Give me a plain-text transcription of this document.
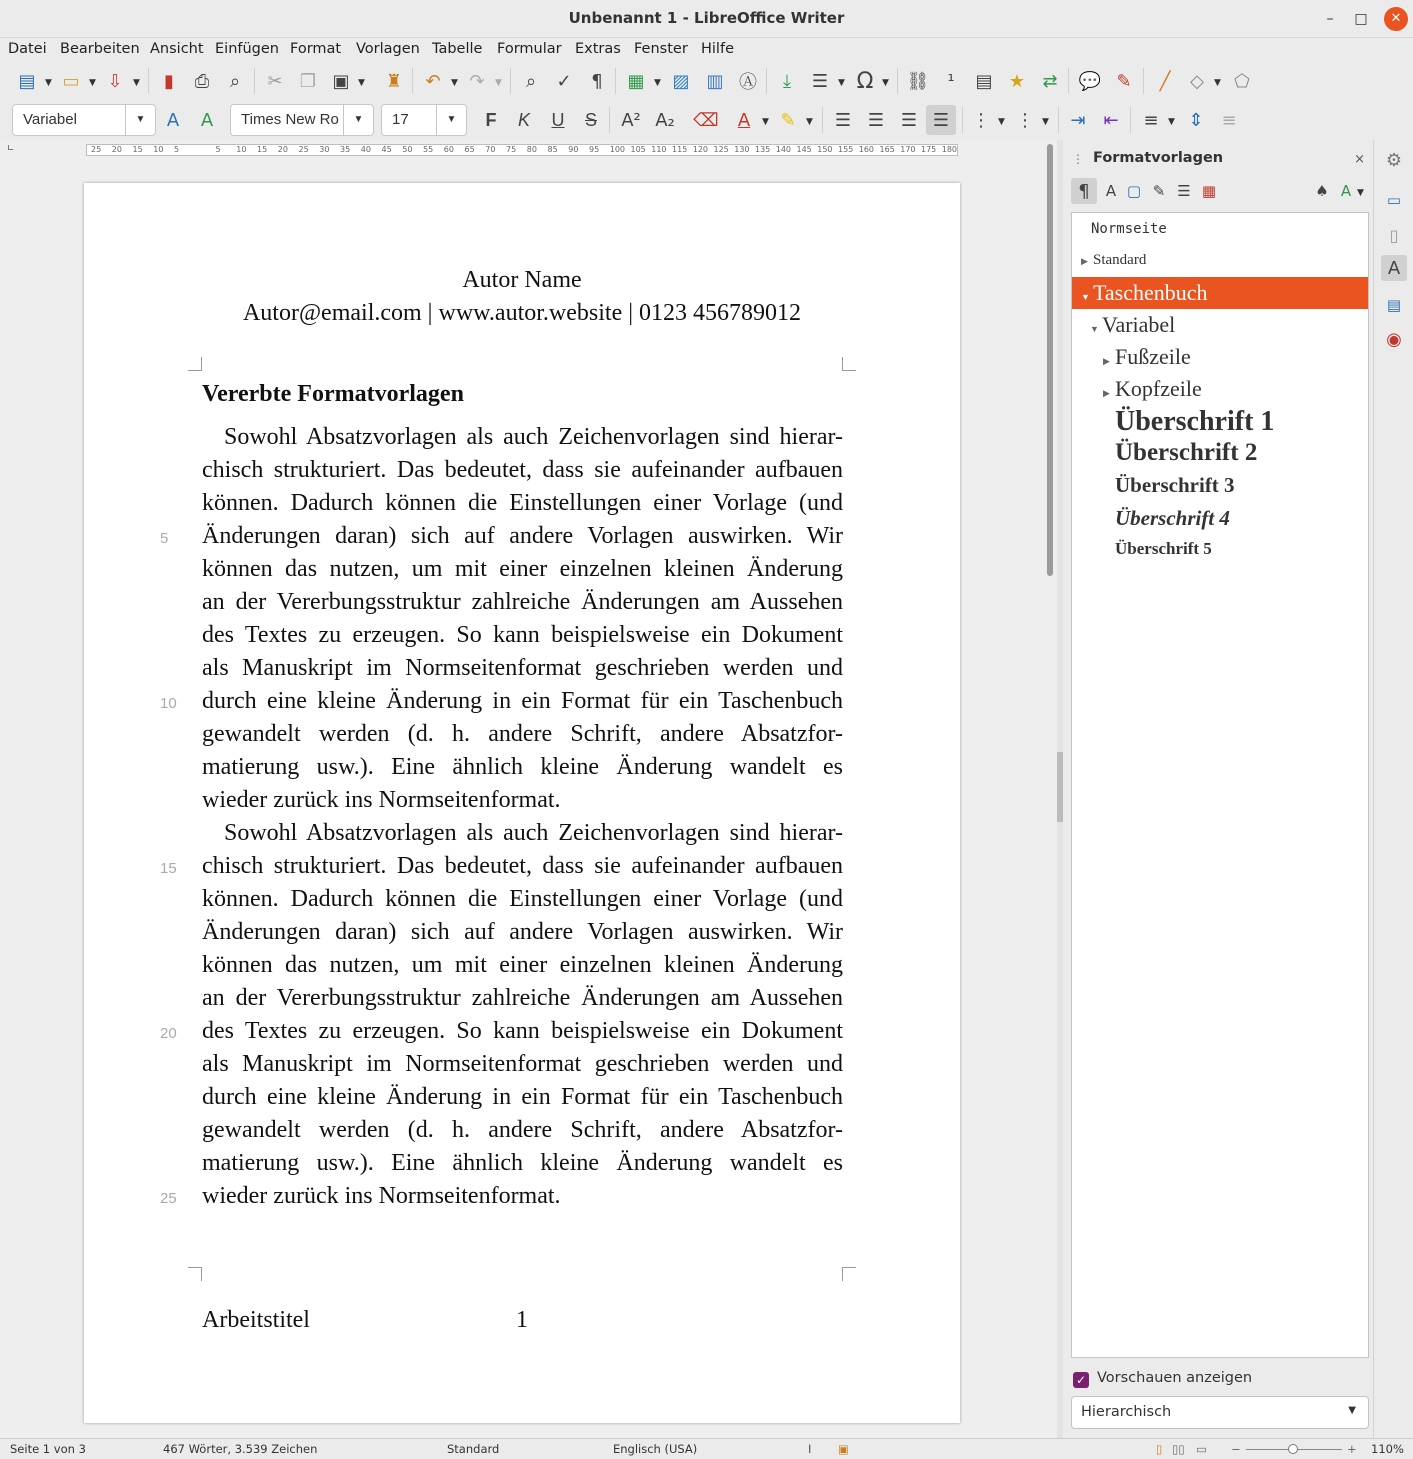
Unbenannt 1 - LibreOffice Writer	–	□	✕
Datei Bearbeiten Ansicht Einfügen Format Vorlagen Tabelle Formular Extras Fenster Hilfe
▤	▼ ▭	▼ ⇩	▼	▮	⎙	⌕	✂ ❐ ▣ ▼ ♜	↶	▼ ↷	▼	⌕	✓	¶	▦	▼ ▨ ▥ Ⓐ	⤓	☰	▼ Ω ▼ ⛓ ¹	▤ ★ ⇄	💬 ✎	╱	◇	▼ ⬠
Variabel	▼	A	A	Times New Ro	▼	17	▼	F	K	U	S	A² A₂ ⌫	A	▼ ✎	▼ ☰ ☰ ☰ ☰	⋮ ▼ ⋮ ▼	⇥ ⇤	≡	▼ ⇕ ≡
∟	25 20 15 10 5	5 10 15 20 25 30 35 40 45 50 55 60 65 70 75 80 85 90 95 100 105 110 115 120 125 130 135 140 145 150 155 160 165 170 175 180
Autor Name
Autor@email.com | www.autor.website | 0123 456789012
Vererbte Formatvorlagen
Sowohl Absatzvorlagen als auch Zeichenvorlagen sind hierar-
chisch strukturiert. Das bedeutet, dass sie aufeinander aufbauen
können. Dadurch können die Einstellungen einer Vorlage (und
Änderungen daran) sich auf andere Vorlagen auswirken. Wir
können das nutzen, um mit einer einzelnen kleinen Änderung
an der Vererbungsstruktur zahlreiche Änderungen am Aussehen
des Textes zu erzeugen. So kann beispielsweise ein Dokument
als Manuskript im Normseitenformat geschrieben werden und
durch eine kleine Änderung in ein Format für ein Taschenbuch
gewandelt werden (d. h. andere Schrift, andere Absatzfor-
matierung usw.). Eine ähnlich kleine Änderung wandelt es
wieder zurück ins Normseitenformat.
Sowohl Absatzvorlagen als auch Zeichenvorlagen sind hierar-
chisch strukturiert. Das bedeutet, dass sie aufeinander aufbauen
können. Dadurch können die Einstellungen einer Vorlage (und
Änderungen daran) sich auf andere Vorlagen auswirken. Wir
können das nutzen, um mit einer einzelnen kleinen Änderung
an der Vererbungsstruktur zahlreiche Änderungen am Aussehen
des Textes zu erzeugen. So kann beispielsweise ein Dokument
als Manuskript im Normseitenformat geschrieben werden und
durch eine kleine Änderung in ein Format für ein Taschenbuch
gewandelt werden (d. h. andere Schrift, andere Absatzfor-
matierung usw.). Eine ähnlich kleine Änderung wandelt es
wieder zurück ins Normseitenformat.
5
10
15
20
25
Arbeitstitel	1
⋮ Formatvorlagen	×
¶	A ▢ ✎ ☰ ▦	♠ A ▼
Normseite
▶ Standard
▼ Taschenbuch
▼ Variabel
▶ Fußzeile
▶ Kopfzeile
Überschrift 1
Überschrift 2
Überschrift 3
Überschrift 4
Überschrift 5
✓ Vorschauen anzeigen
Hierarchisch	▼
⚙
▭
▯
A
▤
◉
Seite 1 von 3	467 Wörter, 3.539 Zeichen	Standard	Englisch (USA)	I ▣	▯ ▯▯ ▭ −	+ 110%
